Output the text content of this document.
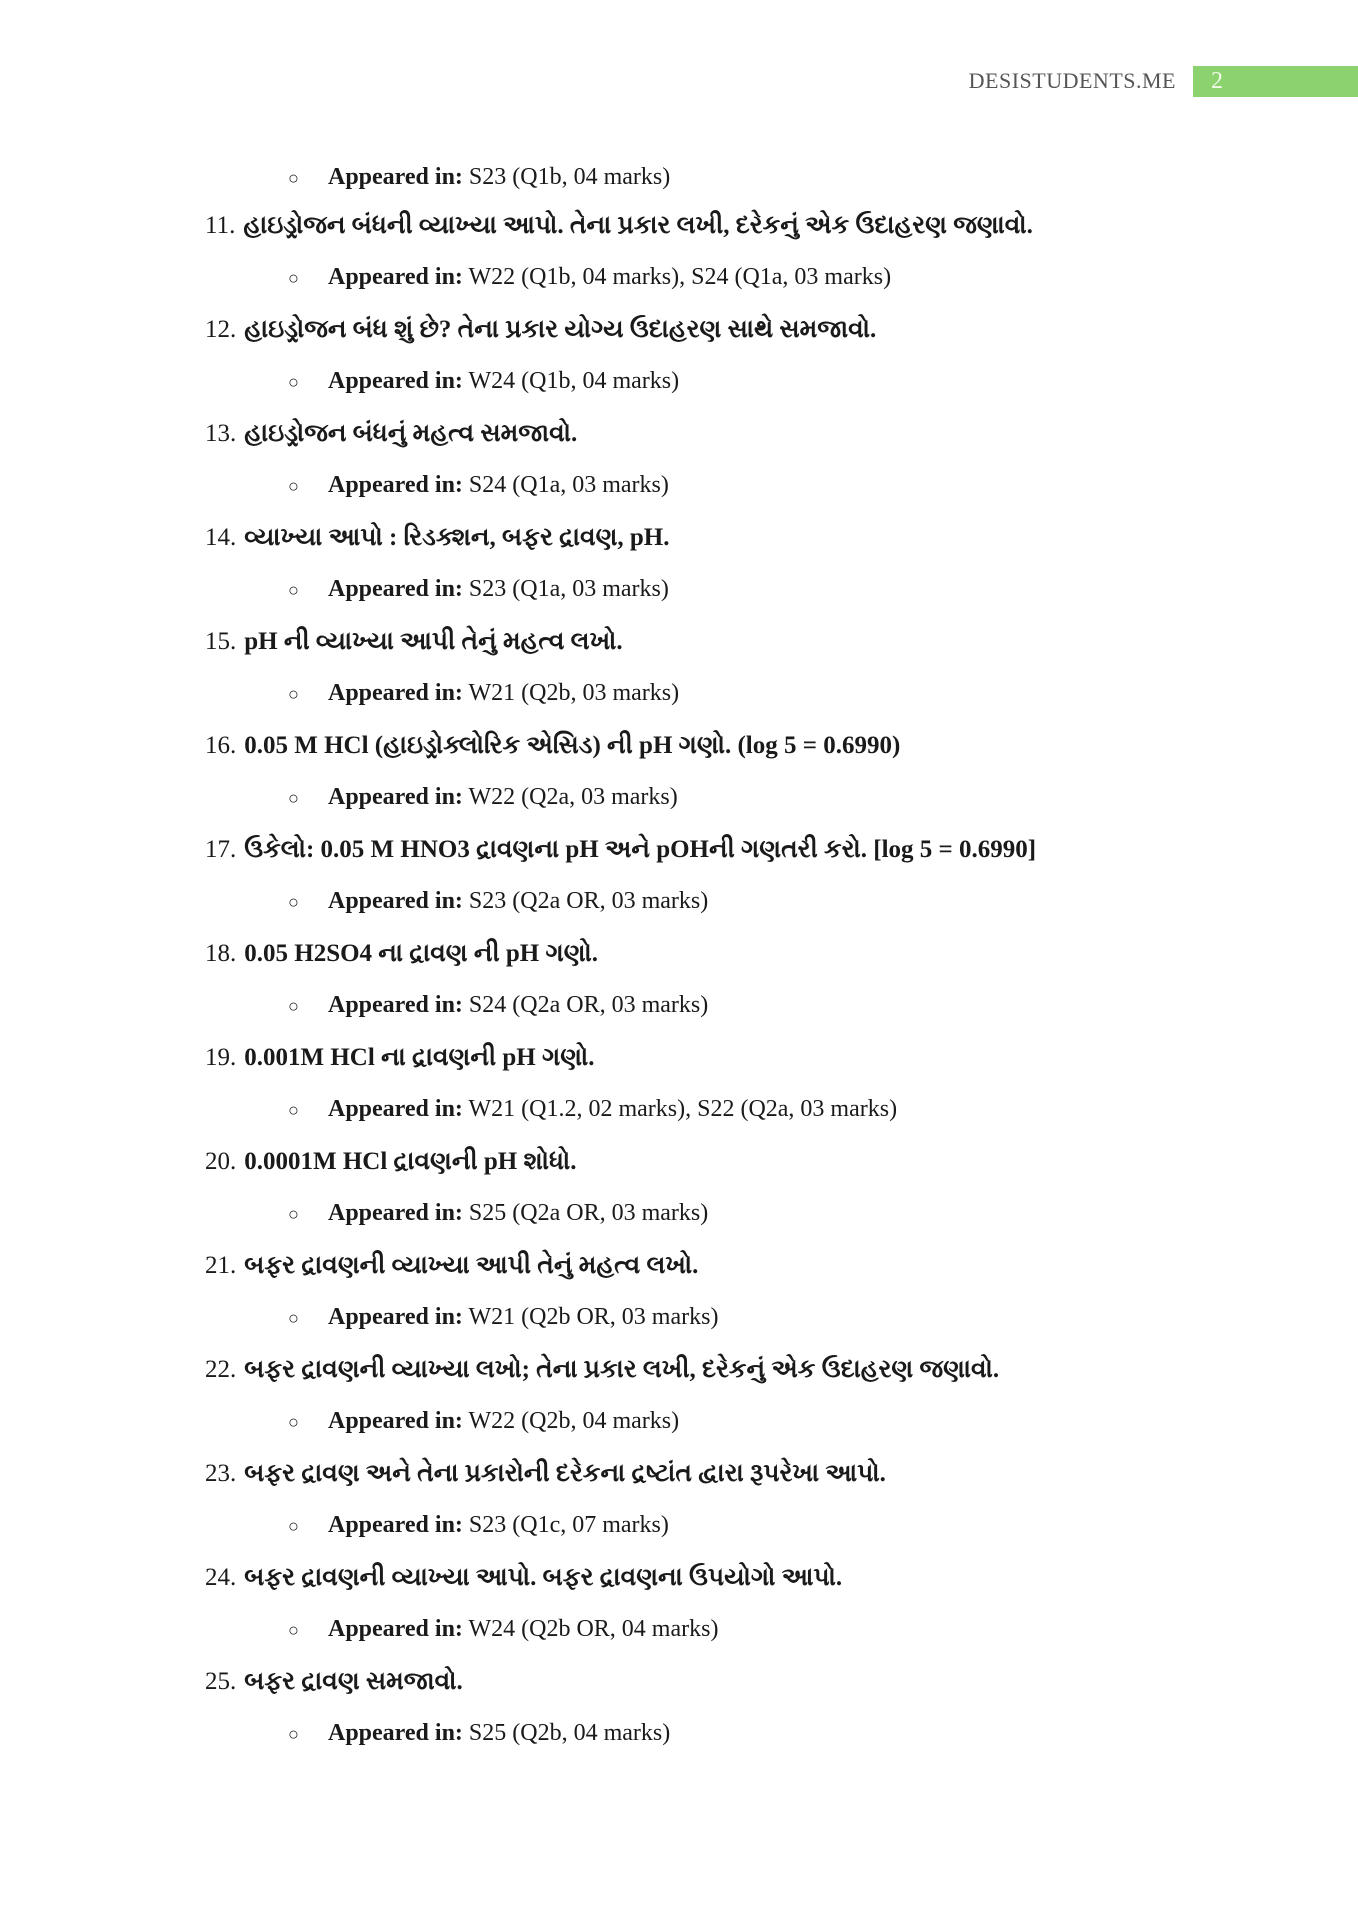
DESISTUDENTS.ME	2
○ Appeared in: S23 (Q1b, 04 marks)
11. હાઇડ્રોજન બંધની વ્યાખ્યા આપો. તેના પ્રકાર લખી, દરેકનું એક ઉદાહરણ જણાવો.
○ Appeared in: W22 (Q1b, 04 marks), S24 (Q1a, 03 marks)
12. હાઇડ્રોજન બંધ શું છે? તેના પ્રકાર યોગ્ય ઉદાહરણ સાથે સમજાવો.
○ Appeared in: W24 (Q1b, 04 marks)
13. હાઇડ્રોજન બંધનું મહત્વ સમજાવો.
○ Appeared in: S24 (Q1a, 03 marks)
14. વ્યાખ્યા આપો : રિડક્શન, બફર દ્રાવણ, pH.
○ Appeared in: S23 (Q1a, 03 marks)
15. pH ની વ્યાખ્યા આપી તેનું મહત્વ લખો.
○ Appeared in: W21 (Q2b, 03 marks)
16. 0.05 M HCl (હાઇડ્રોક્લોરિક એસિડ) ની pH ગણો. (log 5 = 0.6990)
○ Appeared in: W22 (Q2a, 03 marks)
17. ઉકેલો: 0.05 M HNO3 દ્રાવણના pH અને pOHની ગણતરી કરો. [log 5 = 0.6990]
○ Appeared in: S23 (Q2a OR, 03 marks)
18. 0.05 H2SO4 ના દ્રાવણ ની pH ગણો.
○ Appeared in: S24 (Q2a OR, 03 marks)
19. 0.001M HCl ના દ્રાવણની pH ગણો.
○ Appeared in: W21 (Q1.2, 02 marks), S22 (Q2a, 03 marks)
20. 0.0001M HCl દ્રાવણની pH શોધો.
○ Appeared in: S25 (Q2a OR, 03 marks)
21. બફર દ્રાવણની વ્યાખ્યા આપી તેનું મહત્વ લખો.
○ Appeared in: W21 (Q2b OR, 03 marks)
22. બફર દ્રાવણની વ્યાખ્યા લખો; તેના પ્રકાર લખી, દરેકનું એક ઉદાહરણ જણાવો.
○ Appeared in: W22 (Q2b, 04 marks)
23. બફર દ્રાવણ અને તેના પ્રકારોની દરેકના દ્રષ્ટાંત દ્વારા રૂપરેખા આપો.
○ Appeared in: S23 (Q1c, 07 marks)
24. બફર દ્રાવણની વ્યાખ્યા આપો. બફર દ્રાવણના ઉપયોગો આપો.
○ Appeared in: W24 (Q2b OR, 04 marks)
25. બફર દ્રાવણ સમજાવો.
○ Appeared in: S25 (Q2b, 04 marks)
